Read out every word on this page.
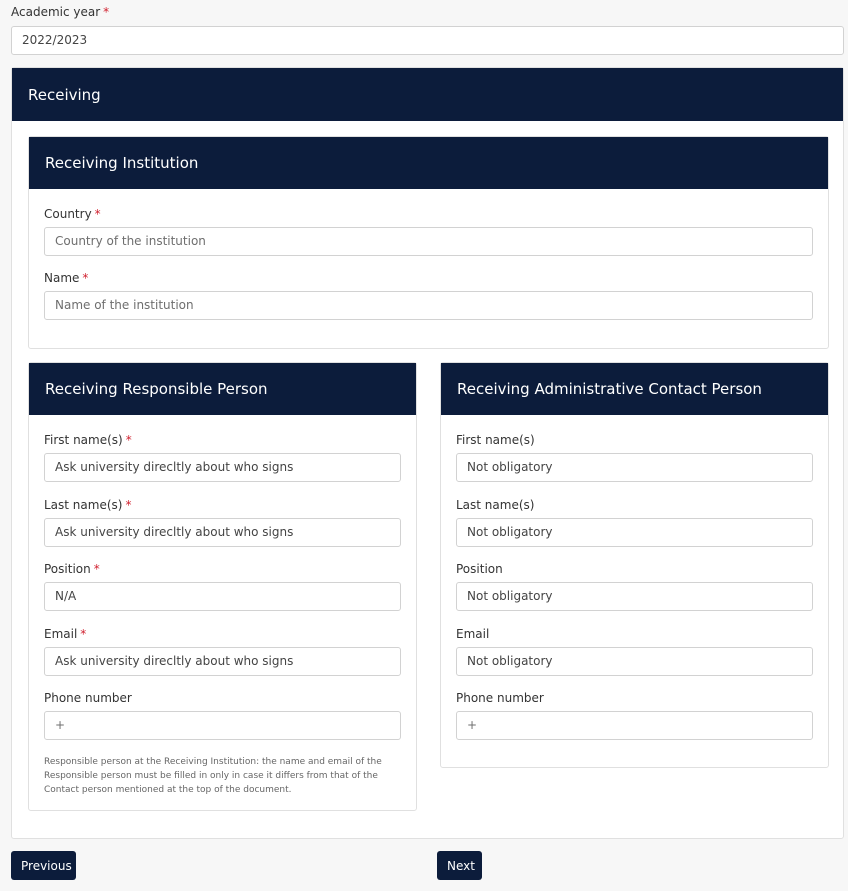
Academic year *
2022/2023
Receiving
Receiving Institution
Country *
Country of the institution
Name *
Name of the institution
Receiving Responsible Person
First name(s) *
Ask university direcltly about who signs
Last name(s) *
Ask university direcltly about who signs
Position *
N/A
Email *
Ask university direcltly about who signs
Phone number
+

Responsible person at the Receiving Institution: the name and email of the Responsible person must be filled in only in case it differs from that of the Contact person mentioned at the top of the document.

Receiving Administrative Contact Person
First name(s)
Not obligatory
Last name(s)
Not obligatory
Position
Not obligatory
Email
Not obligatory
Phone number
+
Previous	Next
